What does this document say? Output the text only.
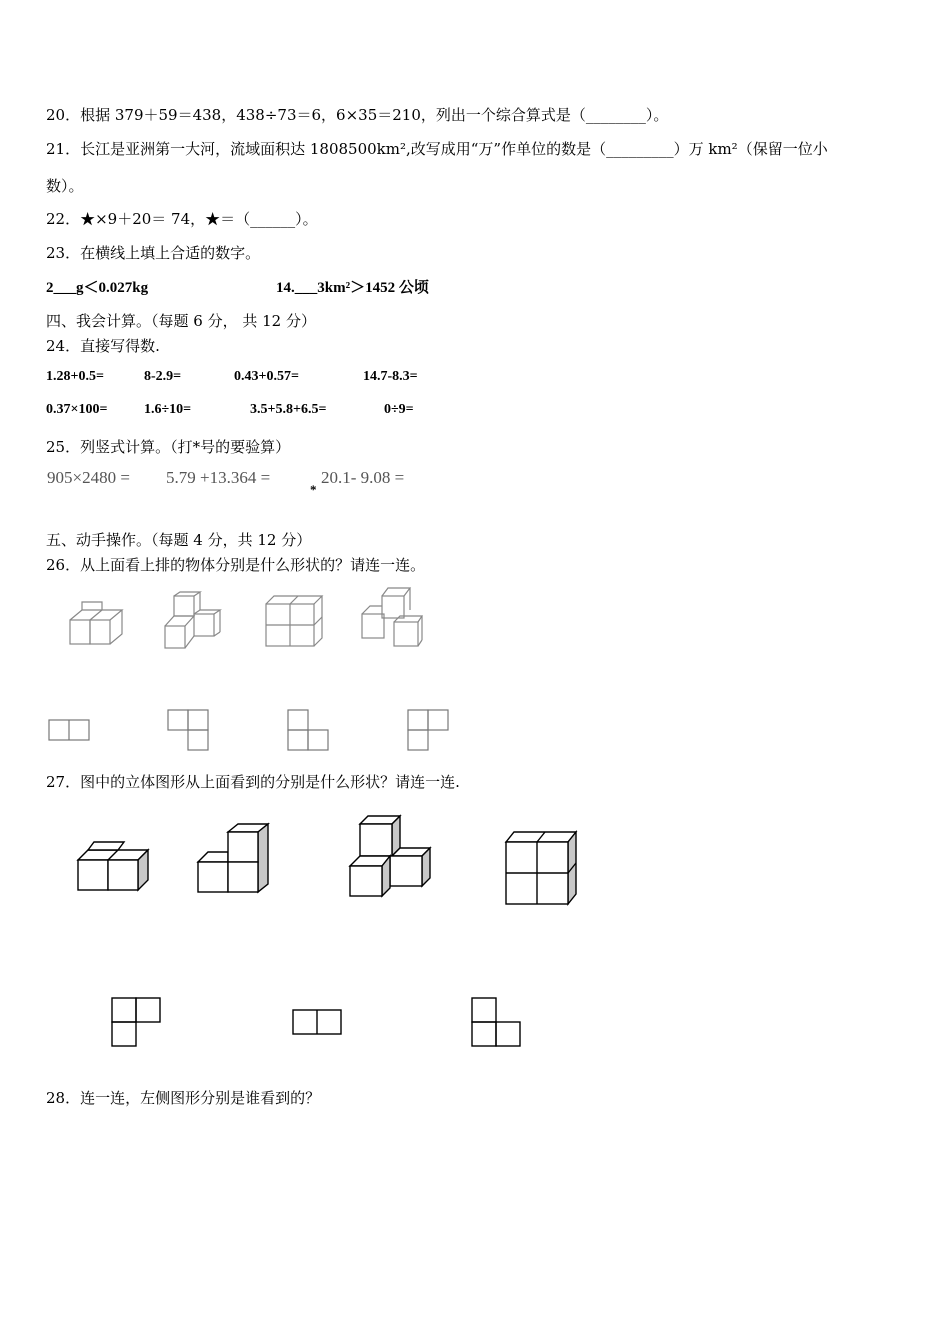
20．根据 379＋59＝438，438÷73＝6，6×35＝210，列出一个综合算式是（________）。
21．长江是亚洲第一大河，流域面积达 1808500km²,改写成用“万”作单位的数是（_________）万 km²（保留一位小
数）。
22．★×9＋20＝ 74，★＝（______）。
23．在横线上填上合适的数字。
2___g＜0.027kg	14.___3km²＞1452 公顷
四、我会计算。（每题 6 分， 共 12 分）
24．直接写得数.
1.28+0.5=	8-2.9=	0.43+0.57=	14.7-8.3=
0.37×100=	1.6÷10=	3.5+5.8+6.5=	0÷9=
25．列竖式计算。（打*号的要验算）
905×2480 = 5.79 +13.364 =
*
20.1- 9.08 =
五、动手操作。（每题 4 分，共 12 分）
26．从上面看上排的物体分别是什么形状的？请连一连。
27．图中的立体图形从上面看到的分别是什么形状？请连一连.
28．连一连，左侧图形分别是谁看到的？
